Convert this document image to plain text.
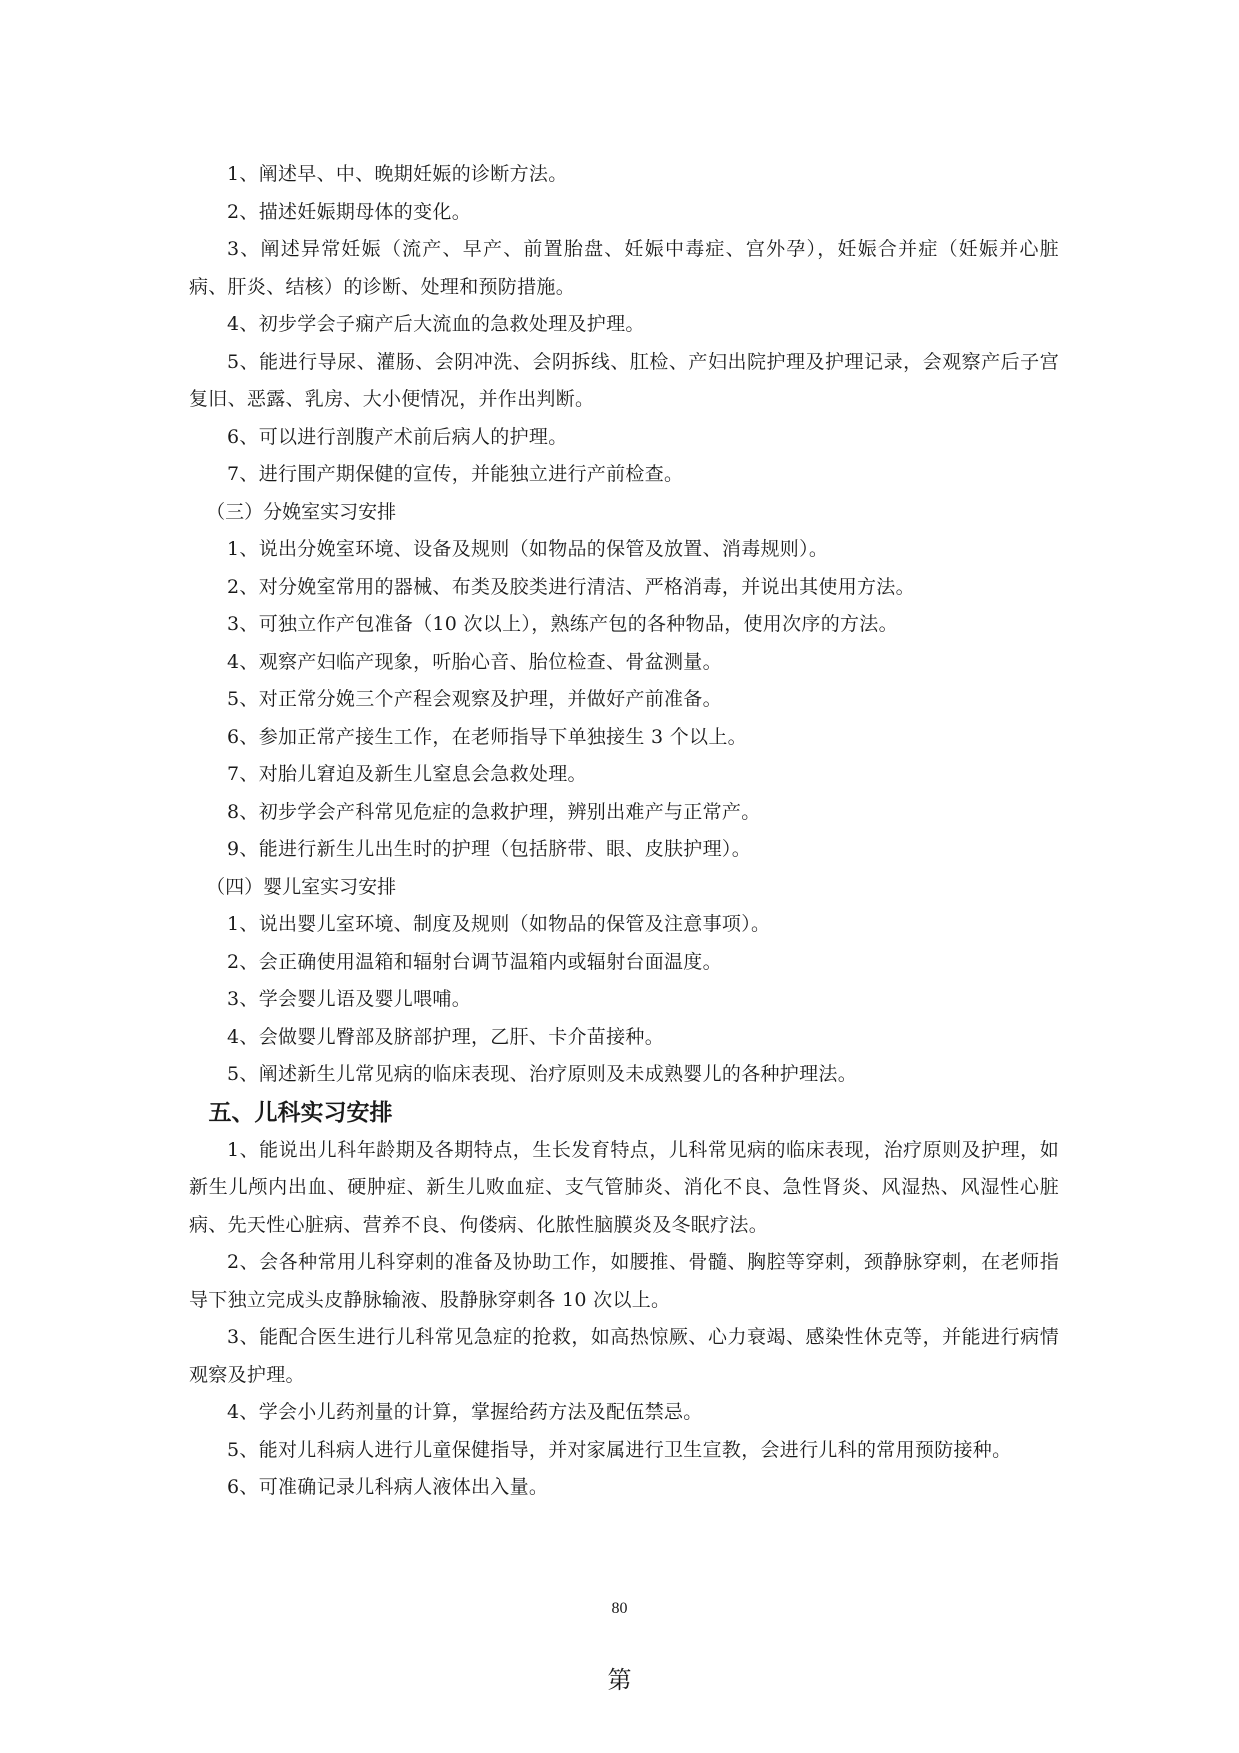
1、阐述早、中、晚期妊娠的诊断方法。

2、描述妊娠期母体的变化。

3、阐述异常妊娠（流产、早产、前置胎盘、妊娠中毒症、宫外孕），妊娠合并症（妊娠并心脏病、肝炎、结核）的诊断、处理和预防措施。

4、初步学会子痫产后大流血的急救处理及护理。

5、能进行导尿、灌肠、会阴冲洗、会阴拆线、肛检、产妇出院护理及护理记录，会观察产后子宫复旧、恶露、乳房、大小便情况，并作出判断。

6、可以进行剖腹产术前后病人的护理。

7、进行围产期保健的宣传，并能独立进行产前检查。

（三）分娩室实习安排

1、说出分娩室环境、设备及规则（如物品的保管及放置、消毒规则）。

2、对分娩室常用的器械、布类及胶类进行清洁、严格消毒，并说出其使用方法。

3、可独立作产包准备（10 次以上），熟练产包的各种物品，使用次序的方法。

4、观察产妇临产现象，听胎心音、胎位检查、骨盆测量。

5、对正常分娩三个产程会观察及护理，并做好产前准备。

6、参加正常产接生工作，在老师指导下单独接生 3 个以上。

7、对胎儿窘迫及新生儿窒息会急救处理。

8、初步学会产科常见危症的急救护理，辨别出难产与正常产。

9、能进行新生儿出生时的护理（包括脐带、眼、皮肤护理）。

（四）婴儿室实习安排

1、说出婴儿室环境、制度及规则（如物品的保管及注意事项）。

2、会正确使用温箱和辐射台调节温箱内或辐射台面温度。

3、学会婴儿语及婴儿喂哺。

4、会做婴儿臀部及脐部护理，乙肝、卡介苗接种。

5、阐述新生儿常见病的临床表现、治疗原则及未成熟婴儿的各种护理法。

五、儿科实习安排

1、能说出儿科年龄期及各期特点，生长发育特点，儿科常见病的临床表现，治疗原则及护理，如新生儿颅内出血、硬肿症、新生儿败血症、支气管肺炎、消化不良、急性肾炎、风湿热、风湿性心脏病、先天性心脏病、营养不良、佝偻病、化脓性脑膜炎及冬眠疗法。

2、会各种常用儿科穿刺的准备及协助工作，如腰推、骨髓、胸腔等穿刺，颈静脉穿刺，在老师指导下独立完成头皮静脉输液、股静脉穿刺各 10 次以上。

3、能配合医生进行儿科常见急症的抢救，如高热惊厥、心力衰竭、感染性休克等，并能进行病情观察及护理。

4、学会小儿药剂量的计算，掌握给药方法及配伍禁忌。

5、能对儿科病人进行儿童保健指导，并对家属进行卫生宣教，会进行儿科的常用预防接种。

6、可准确记录儿科病人液体出入量。

80
第
